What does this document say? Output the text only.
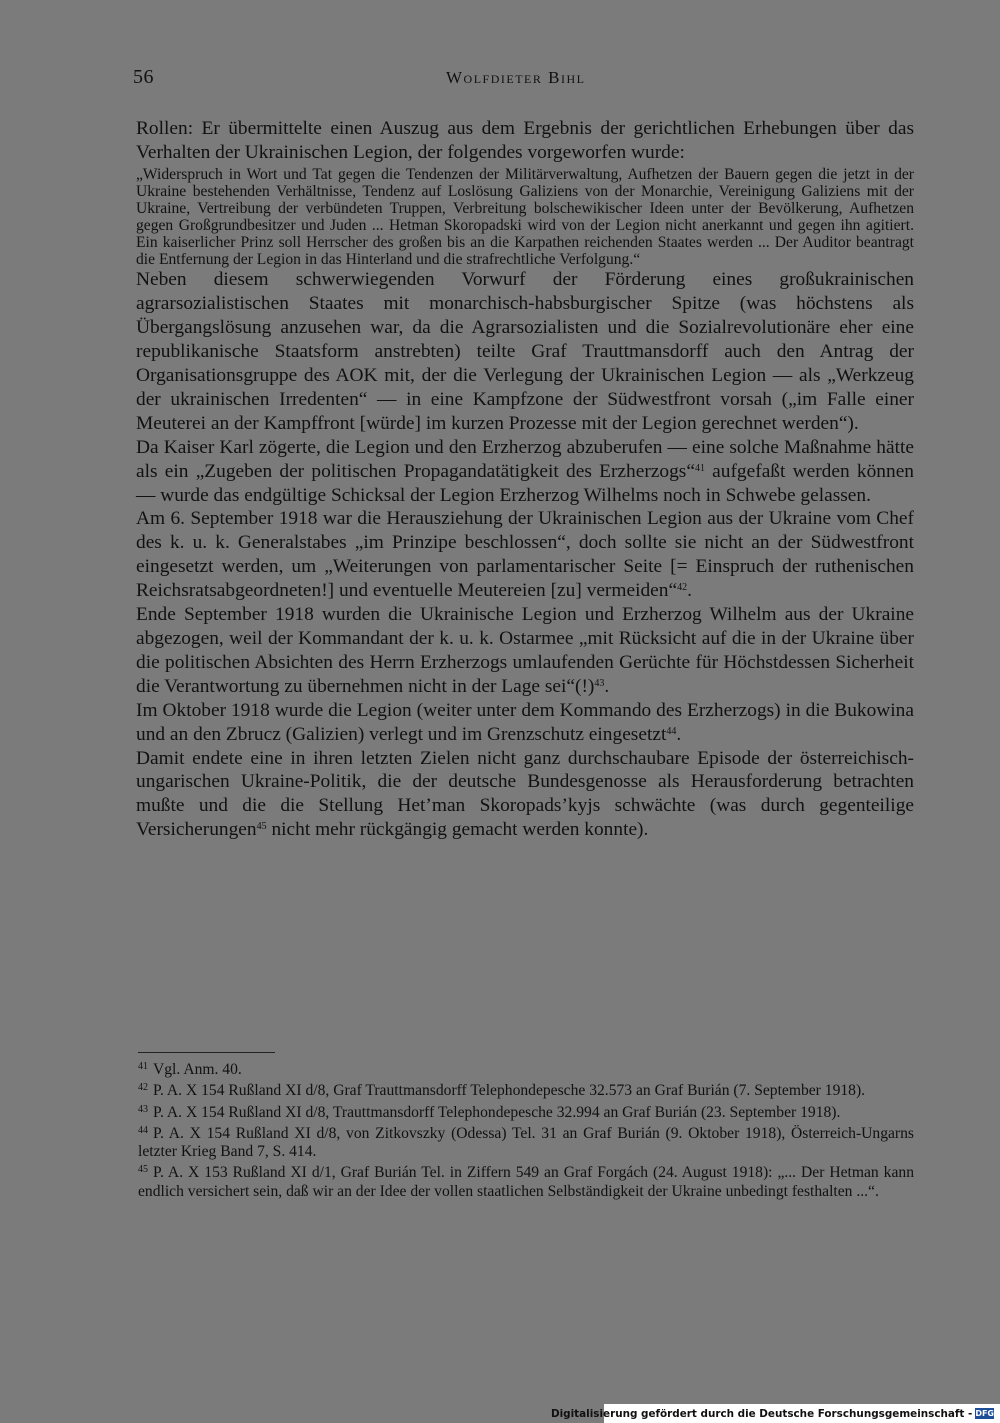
56	Wolfdieter Bihl

Rollen: Er übermittelte einen Auszug aus dem Ergebnis der gerichtlichen Erhebungen über das Verhalten der Ukrainischen Legion, der folgendes vorgeworfen wurde:

„Widerspruch in Wort und Tat gegen die Tendenzen der Militärverwaltung, Aufhetzen der Bauern gegen die jetzt in der Ukraine bestehenden Verhältnisse, Tendenz auf Loslösung Galiziens von der Monarchie, Vereinigung Galiziens mit der Ukraine, Vertreibung der verbündeten Truppen, Verbreitung bolschewikischer Ideen unter der Bevölkerung, Aufhetzen gegen Großgrundbesitzer und Juden ... Hetman Skoropadski wird von der Legion nicht anerkannt und gegen ihn agitiert. Ein kaiserlicher Prinz soll Herrscher des großen bis an die Karpathen reichenden Staates werden ... Der Auditor beantragt die Entfernung der Legion in das Hinterland und die strafrechtliche Verfolgung.“

Neben diesem schwerwiegenden Vorwurf der Förderung eines großukrainischen agrarsozialistischen Staates mit monarchisch-habsburgischer Spitze (was höchstens als Übergangslösung anzusehen war, da die Agrarsozialisten und die Sozialrevolutionäre eher eine republikanische Staatsform anstrebten) teilte Graf Trauttmansdorff auch den Antrag der Organisationsgruppe des AOK mit, der die Verlegung der Ukrainischen Legion — als „Werkzeug der ukrainischen Irredenten“ — in eine Kampfzone der Südwestfront vorsah („im Falle einer Meuterei an der Kampffront [würde] im kurzen Prozesse mit der Legion gerechnet werden“).

Da Kaiser Karl zögerte, die Legion und den Erzherzog abzuberufen — eine solche Maßnahme hätte als ein „Zugeben der politischen Propagandatätigkeit des Erzherzogs“$^{41}$ aufgefaßt werden können — wurde das endgültige Schicksal der Legion Erzherzog Wilhelms noch in Schwebe gelassen.

Am 6. September 1918 war die Herausziehung der Ukrainischen Legion aus der Ukraine vom Chef des k. u. k. Generalstabes „im Prinzipe beschlossen“, doch sollte sie nicht an der Südwestfront eingesetzt werden, um „Weiterungen von parlamentarischer Seite [= Einspruch der ruthenischen Reichsratsabgeordneten!] und eventuelle Meutereien [zu] vermeiden“$^{42}$.

Ende September 1918 wurden die Ukrainische Legion und Erzherzog Wilhelm aus der Ukraine abgezogen, weil der Kommandant der k. u. k. Ostarmee „mit Rücksicht auf die in der Ukraine über die politischen Absichten des Herrn Erzherzogs umlaufenden Gerüchte für Höchstdessen Sicherheit die Verantwortung zu übernehmen nicht in der Lage sei“(!)$^{43}$.

Im Oktober 1918 wurde die Legion (weiter unter dem Kommando des Erzherzogs) in die Bukowina und an den Zbrucz (Galizien) verlegt und im Grenzschutz eingesetzt$^{44}$.

Damit endete eine in ihren letzten Zielen nicht ganz durchschaubare Episode der österreichisch-ungarischen Ukraine-Politik, die der deutsche Bundesgenosse als Herausforderung betrachten mußte und die die Stellung Het’man Skoropads’kyjs schwächte (was durch gegenteilige Versicherungen$^{45}$ nicht mehr rückgängig gemacht werden konnte).

$^{41}$ Vgl. Anm. 40.

$^{42}$ P. A. X 154 Rußland XI d/8, Graf Trauttmansdorff Telephondepesche 32.573 an Graf Burián (7. September 1918).

$^{43}$ P. A. X 154 Rußland XI d/8, Trauttmansdorff Telephondepesche 32.994 an Graf Burián (23. September 1918).

$^{44}$ P. A. X 154 Rußland XI d/8, von Zitkovszky (Odessa) Tel. 31 an Graf Burián (9. Oktober 1918), Österreich-Ungarns letzter Krieg Band 7, S. 414.

$^{45}$ P. A. X 153 Rußland XI d/1, Graf Burián Tel. in Ziffern 549 an Graf Forgách (24. August 1918): „... Der Hetman kann endlich versichert sein, daß wir an der Idee der vollen staatlichen Selbständigkeit der Ukraine unbedingt festhalten ...“.

Digitalisierung gefördert durch die Deutsche Forschungsgemeinschaft - DFG
